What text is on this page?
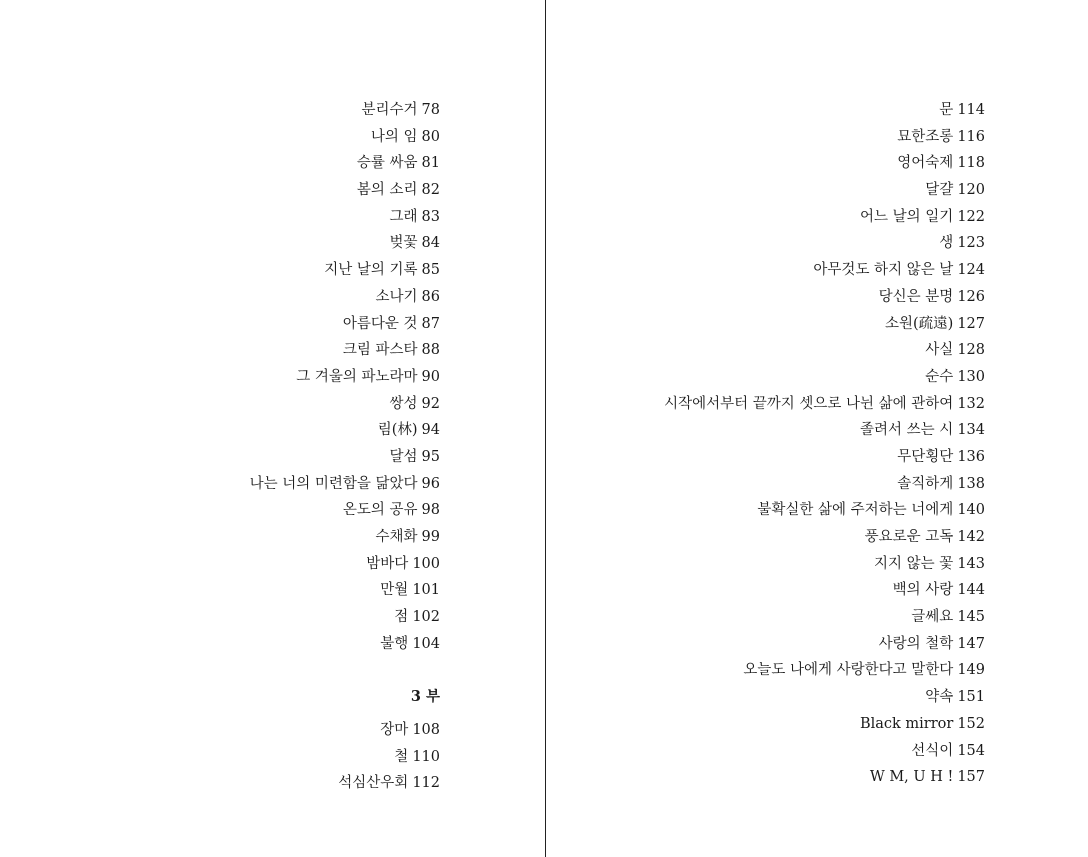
분리수거 78
나의 임 80
승률 싸움 81
봄의 소리 82
그래 83
벚꽃 84
지난 날의 기록 85
소나기 86
아름다운 것 87
크림 파스타 88
그 겨울의 파노라마 90
쌍성 92
림(林) 94
달섬 95
나는 너의 미련함을 닮았다 96
온도의 공유 98
수채화 99
밤바다 100
만월 101
점 102
불행 104
3 부
장마 108
철 110
석심산우회 112
문 114
묘한조롱 116
영어숙제 118
달걀 120
어느 날의 일기 122
생 123
아무것도 하지 않은 날 124
당신은 분명 126
소원(疏遠) 127
사실 128
순수 130
시작에서부터 끝까지 셋으로 나뉜 삶에 관하여 132
졸려서 쓰는 시 134
무단횡단 136
솔직하게 138
불확실한 삶에 주저하는 너에게 140
풍요로운 고독 142
지지 않는 꽃 143
백의 사랑 144
글쎄요 145
사랑의 철학 147
오늘도 나에게 사랑한다고 말한다 149
약속 151
Black mirror 152
선식이 154
W M, U H ! 157
